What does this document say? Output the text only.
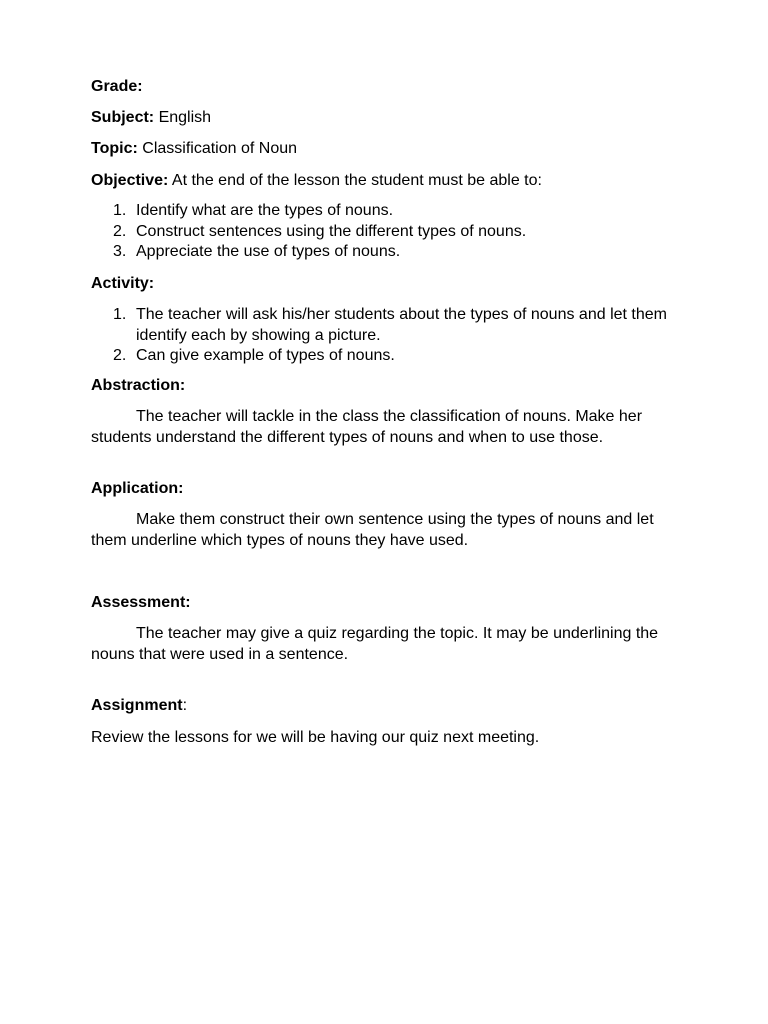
Grade:

Subject: English

Topic: Classification of Noun

Objective: At the end of the lesson the student must be able to:

1. Identify what are the types of nouns.
2. Construct sentences using the different types of nouns.
3. Appreciate the use of types of nouns.

Activity:

1. The teacher will ask his/her students about the types of nouns and let them identify each by showing a picture.
2. Can give example of types of nouns.

Abstraction:

The teacher will tackle in the class the classification of nouns. Make her students understand the different types of nouns and when to use those.

Application:

Make them construct their own sentence using the types of nouns and let them underline which types of nouns they have used.

Assessment:

The teacher may give a quiz regarding the topic. It may be underlining the nouns that were used in a sentence.

Assignment:

Review the lessons for we will be having our quiz next meeting.
